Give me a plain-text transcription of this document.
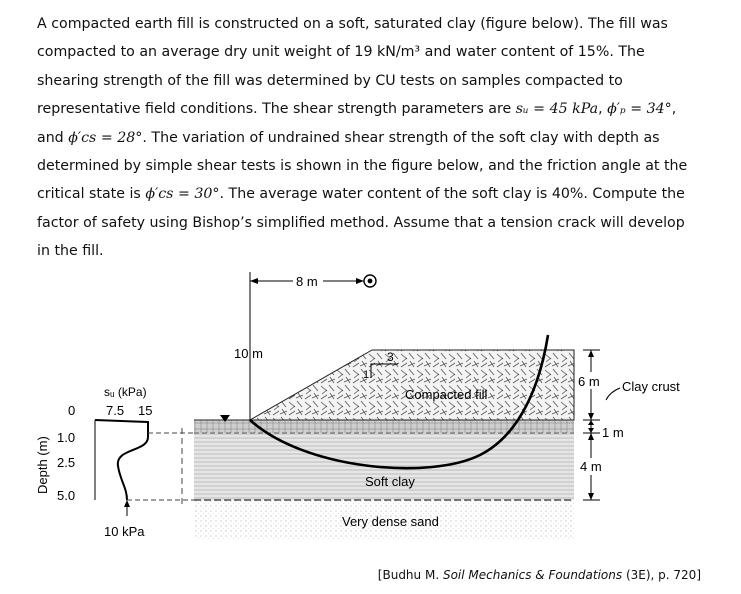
A compacted earth fill is constructed on a soft, saturated clay (figure below). The fill was compacted to an average dry unit weight of 19 kN/m³ and water content of 15%. The shearing strength of the fill was determined by CU tests on samples compacted to representative field conditions. The shear strength parameters are sᵤ = 45 kPa, ϕ′ₚ = 34°, and ϕ′cs = 28°. The variation of undrained shear strength of the soft clay with depth as determined by simple shear tests is shown in the figure below, and the friction angle at the critical state is ϕ′cs = 30°. The average water content of the soft clay is 40%. Compute the factor of safety using Bishop’s simplified method. Assume that a tension crack will develop in the fill.

1
3
Compacted fill
Soft clay
Very dense sand
8 m
10 m
6 m
1 m
4 m
Clay crust
sᵤ (kPa)
0 7.5 15
1.0
2.5
5.0
10 kPa
Depth (m)
[Budhu M. Soil Mechanics & Foundations (3E), p. 720]
